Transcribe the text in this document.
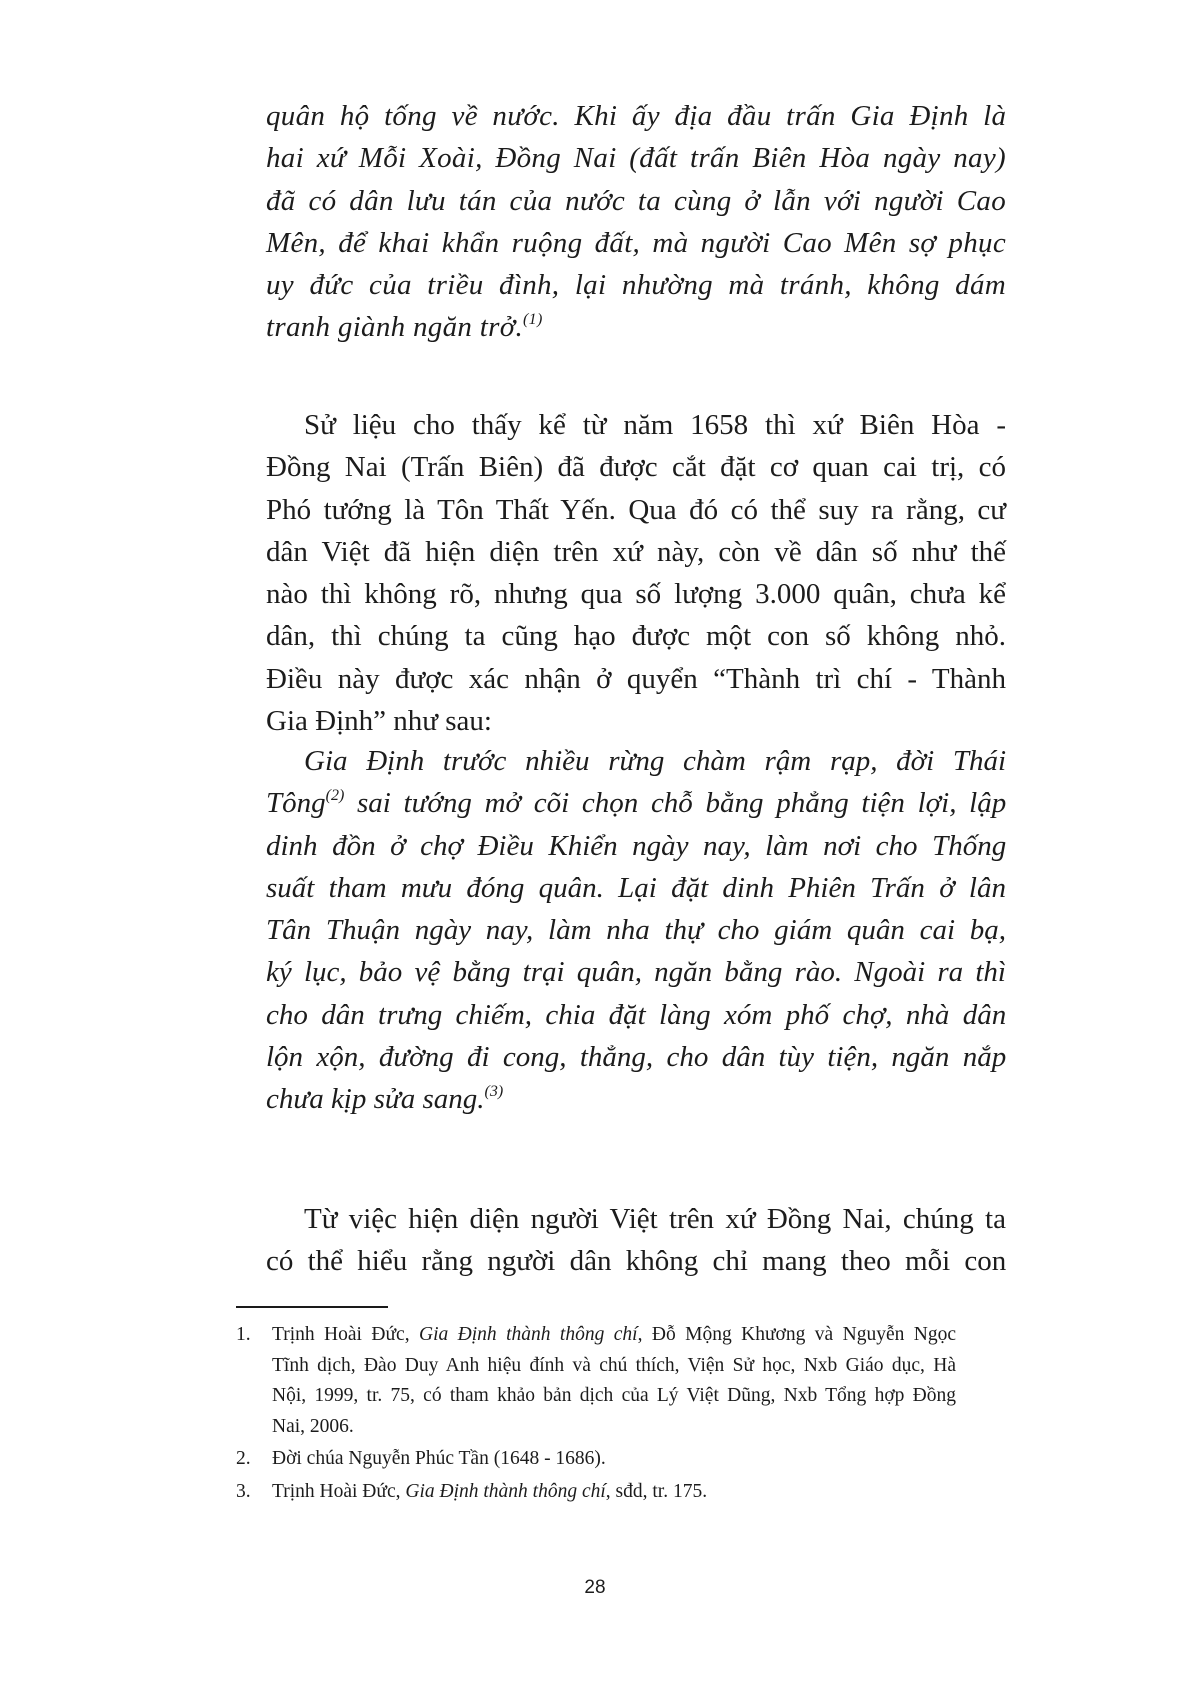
quân hộ tống về nước. Khi ấy địa đầu trấn Gia Định là
hai xứ Mỗi Xoài, Đồng Nai (đất trấn Biên Hòa ngày nay)
đã có dân lưu tán của nước ta cùng ở lẫn với người Cao
Mên, để khai khẩn ruộng đất, mà người Cao Mên sợ phục
uy đức của triều đình, lại nhường mà tránh, không dám
tranh giành ngăn trở.$^{(1)}$
Sử liệu cho thấy kể từ năm 1658 thì xứ Biên Hòa -
Đồng Nai (Trấn Biên) đã được cắt đặt cơ quan cai trị, có
Phó tướng là Tôn Thất Yến. Qua đó có thể suy ra rằng, cư
dân Việt đã hiện diện trên xứ này, còn về dân số như thế
nào thì không rõ, nhưng qua số lượng 3.000 quân, chưa kể
dân, thì chúng ta cũng hạo được một con số không nhỏ.
Điều này được xác nhận ở quyển “Thành trì chí - Thành
Gia Định” như sau:
Gia Định trước nhiều rừng chàm rậm rạp, đời Thái
Tông$^{(2)}$ sai tướng mở cõi chọn chỗ bằng phẳng tiện lợi, lập
dinh đồn ở chợ Điều Khiển ngày nay, làm nơi cho Thống
suất tham mưu đóng quân. Lại đặt dinh Phiên Trấn ở lân
Tân Thuận ngày nay, làm nha thự cho giám quân cai bạ,
ký lục, bảo vệ bằng trại quân, ngăn bằng rào. Ngoài ra thì
cho dân trưng chiếm, chia đặt làng xóm phố chợ, nhà dân
lộn xộn, đường đi cong, thẳng, cho dân tùy tiện, ngăn nắp
chưa kịp sửa sang.$^{(3)}$
Từ việc hiện diện người Việt trên xứ Đồng Nai, chúng ta
có thể hiểu rằng người dân không chỉ mang theo mỗi con
1. Trịnh Hoài Đức, Gia Định thành thông chí, Đỗ Mộng Khương và Nguyễn Ngọc
Tĩnh dịch, Đào Duy Anh hiệu đính và chú thích, Viện Sử học, Nxb Giáo dục, Hà
Nội, 1999, tr. 75, có tham khảo bản dịch của Lý Việt Dũng, Nxb Tổng hợp Đồng
Nai, 2006.
2. Đời chúa Nguyễn Phúc Tần (1648 - 1686).
3. Trịnh Hoài Đức, Gia Định thành thông chí, sđd, tr. 175.
28
